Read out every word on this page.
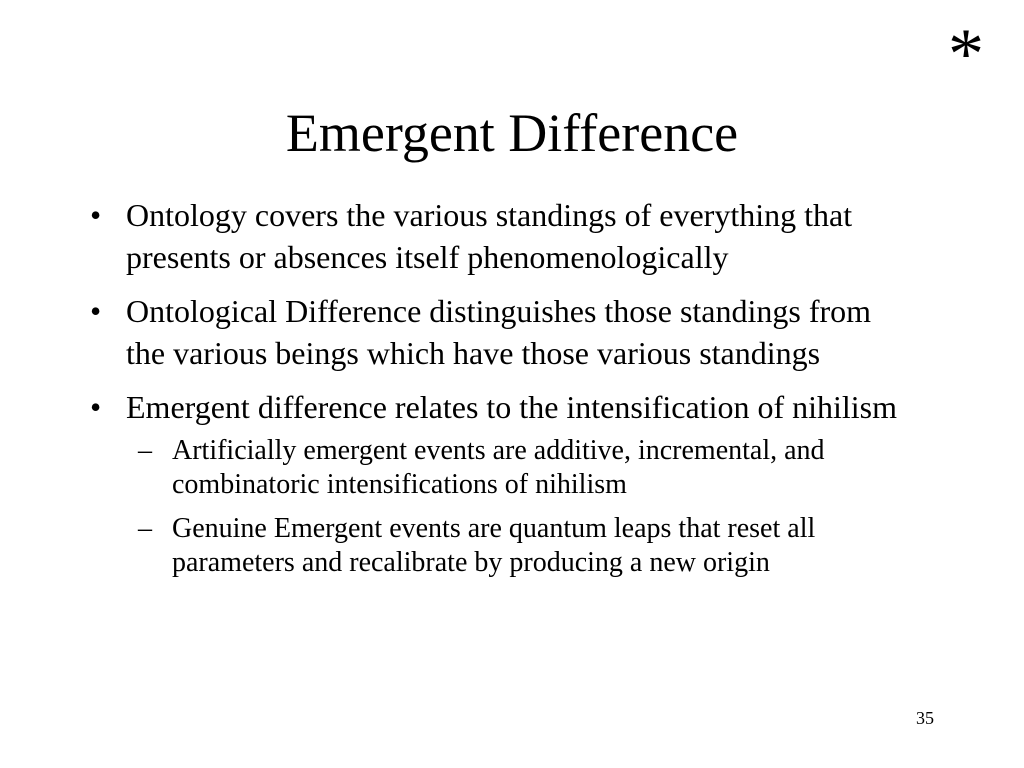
*
Emergent Difference
• Ontology covers the various standings of everything that presents or absences itself phenomenologically
• Ontological Difference distinguishes those standings from the various beings which have those various standings
• Emergent difference relates to the intensification of nihilism
– Artificially emergent events are additive, incremental, and combinatoric intensifications of nihilism
– Genuine Emergent events are quantum leaps that reset all parameters and recalibrate by producing a new origin
35
